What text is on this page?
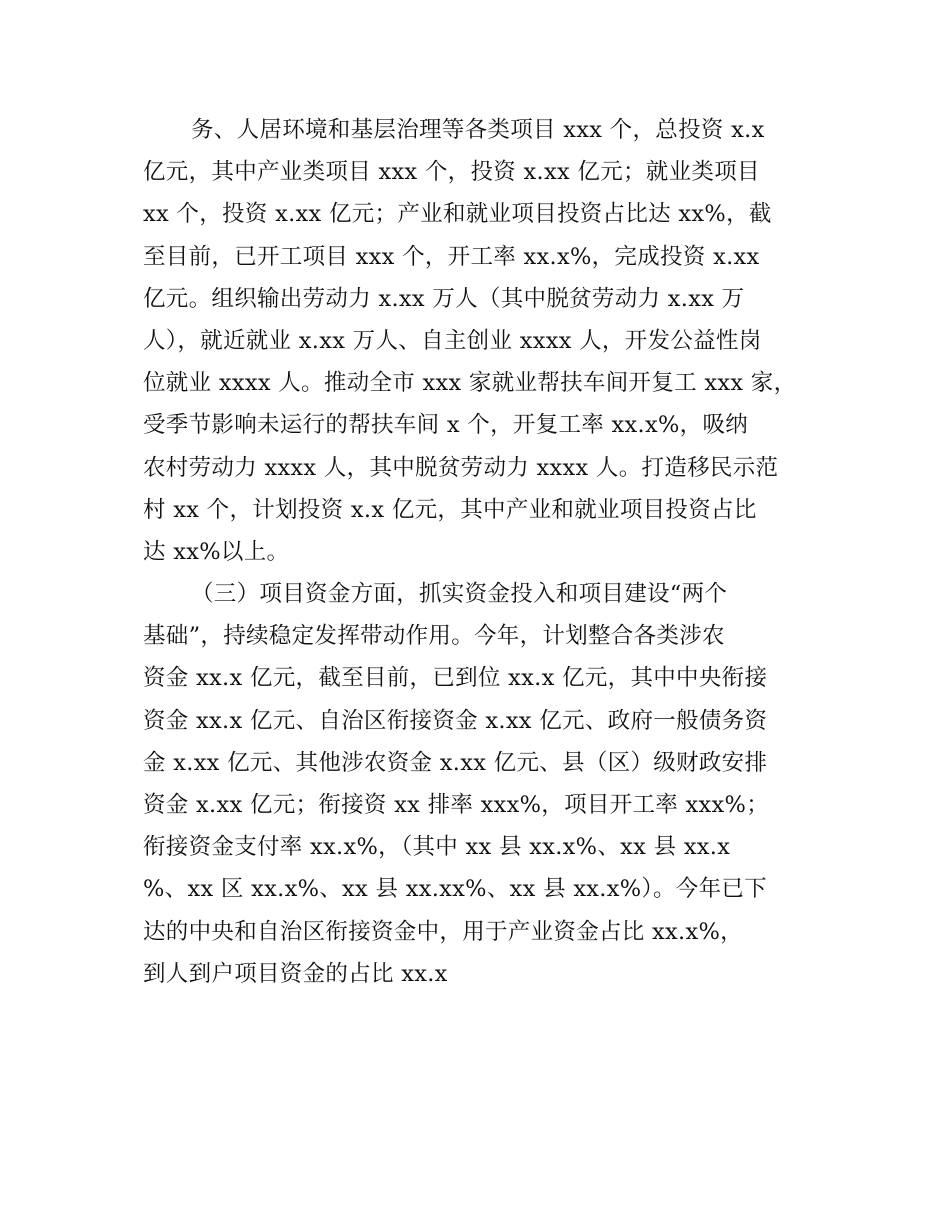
务、人居环境和基层治理等各类项目 xxx 个，总投资 x.x
亿元，其中产业类项目 xxx 个，投资 x.xx 亿元；就业类项目
xx 个，投资 x.xx 亿元；产业和就业项目投资占比达 xx%，截
至目前，已开工项目 xxx 个，开工率 xx.x%，完成投资 x.xx
亿元。组织输出劳动力 x.xx 万人（其中脱贫劳动力 x.xx 万
人），就近就业 x.xx 万人、自主创业 xxxx 人，开发公益性岗
位就业 xxxx 人。推动全市 xxx 家就业帮扶车间开复工 xxx 家，
受季节影响未运行的帮扶车间 x 个，开复工率 xx.x%，吸纳
农村劳动力 xxxx 人，其中脱贫劳动力 xxxx 人。打造移民示范
村 xx 个，计划投资 x.x 亿元，其中产业和就业项目投资占比
达 xx%以上。
（三）项目资金方面，抓实资金投入和项目建设“两个
基础”，持续稳定发挥带动作用。今年，计划整合各类涉农
资金 xx.x 亿元，截至目前，已到位 xx.x 亿元，其中中央衔接
资金 xx.x 亿元、自治区衔接资金 x.xx 亿元、政府一般债务资
金 x.xx 亿元、其他涉农资金 x.xx 亿元、县（区）级财政安排
资金 x.xx 亿元；衔接资 xx 排率 xxx%，项目开工率 xxx%；
衔接资金支付率 xx.x%，（其中 xx 县 xx.x%、xx 县 xx.x
%、xx 区 xx.x%、xx 县 xx.xx%、xx 县 xx.x%）。今年已下
达的中央和自治区衔接资金中，用于产业资金占比 xx.x%，
到人到户项目资金的占比 xx.x
